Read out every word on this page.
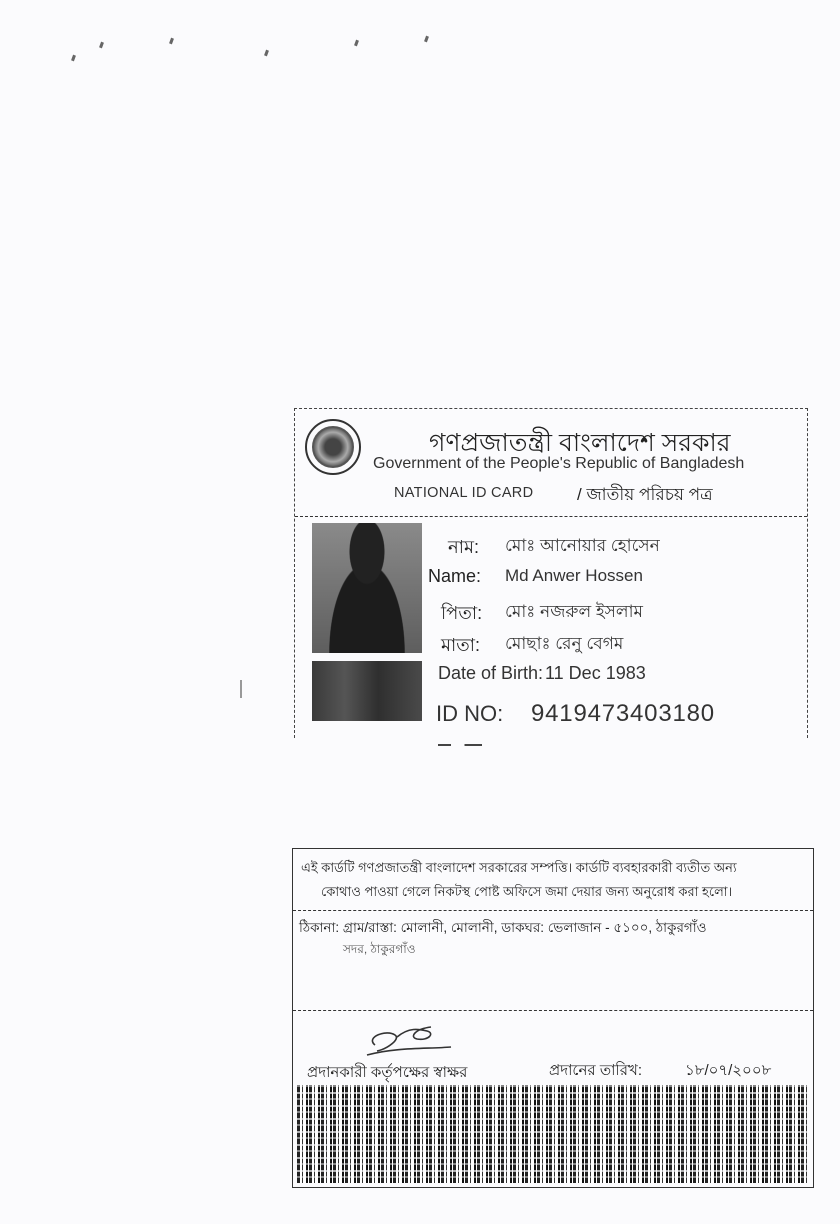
গণপ্রজাতন্ত্রী বাংলাদেশ সরকার
Government of the People's Republic of Bangladesh
NATIONAL ID CARD	/ জাতীয় পরিচয় পত্র
নাম: মোঃ আনোয়ার হোসেন
Name: Md Anwer Hossen
পিতা: মোঃ নজরুল ইসলাম
মাতা: মোছাঃ রেনু বেগম
Date of Birth: 11 Dec 1983
ID NO: 9419473403180
এই কার্ডটি গণপ্রজাতন্ত্রী বাংলাদেশ সরকারের সম্পত্তি। কার্ডটি ব্যবহারকারী ব্যতীত অন্য
কোথাও পাওয়া গেলে নিকটস্থ পোষ্ট অফিসে জমা দেয়ার জন্য অনুরোধ করা হলো।
ঠিকানা: গ্রাম/রাস্তা: মোলানী, মোলানী, ডাকঘর: ভেলাজান - ৫১০০, ঠাকুরগাঁও
সদর, ঠাকুরগাঁও
প্রদানকারী কর্তৃপক্ষের স্বাক্ষর	প্রদানের তারিখ:	১৮/০৭/২০০৮
